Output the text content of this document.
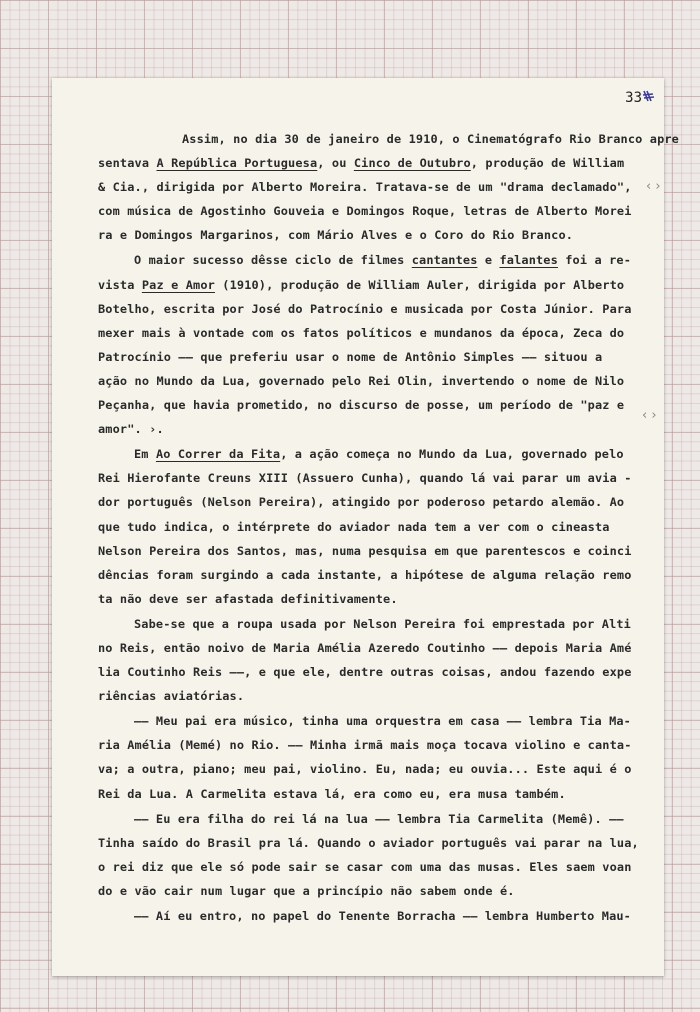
33
Assim, no dia 30 de janeiro de 1910, o Cinematógrafo Rio Branco apre
sentava A República Portuguesa, ou Cinco de Outubro, produção de William
& Cia., dirigida por Alberto Moreira. Tratava-se de um "drama declamado",
com música de Agostinho Gouveia e Domingos Roque, letras de Alberto Morei
ra e Domingos Margarinos, com Mário Alves e o Coro do Rio Branco.
O maior sucesso dêsse ciclo de filmes cantantes e falantes foi a re-
vista Paz e Amor (1910), produção de William Auler, dirigida por Alberto
Botelho, escrita por José do Patrocínio e musicada por Costa Júnior. Para
mexer mais à vontade com os fatos políticos e mundanos da época, Zeca do
Patrocínio —— que preferiu usar o nome de Antônio Simples —— situou a
ação no Mundo da Lua, governado pelo Rei Olin, invertendo o nome de Nilo
Peçanha, que havia prometido, no discurso de posse, um período de "paz e
amor". ›.
Em Ao Correr da Fita, a ação começa no Mundo da Lua, governado pelo
Rei Hierofante Creuns XIII (Assuero Cunha), quando lá vai parar um avia -
dor português (Nelson Pereira), atingido por poderoso petardo alemão. Ao
que tudo indica, o intérprete do aviador nada tem a ver com o cineasta
Nelson Pereira dos Santos, mas, numa pesquisa em que parentescos e coinci
dências foram surgindo a cada instante, a hipótese de alguma relação remo
ta não deve ser afastada definitivamente.
Sabe-se que a roupa usada por Nelson Pereira foi emprestada por Alti
no Reis, então noivo de Maria Amélia Azeredo Coutinho —— depois Maria Amé
lia Coutinho Reis ——, e que ele, dentre outras coisas, andou fazendo expe
riências aviatórias.
—— Meu pai era músico, tinha uma orquestra em casa —— lembra Tia Ma-
ria Amélia (Memé) no Rio. —— Minha irmã mais moça tocava violino e canta-
va; a outra, piano; meu pai, violino. Eu, nada; eu ouvia... Este aqui é o
Rei da Lua. A Carmelita estava lá, era como eu, era musa também.
—— Eu era filha do rei lá na lua —— lembra Tia Carmelita (Memê). ——
Tinha saído do Brasil pra lá. Quando o aviador português vai parar na lua,
o rei diz que ele só pode sair se casar com uma das musas. Eles saem voan
do e vão cair num lugar que a princípio não sabem onde é.
—— Aí eu entro, no papel do Tenente Borracha —— lembra Humberto Mau-
‹ ›
‹ ›
